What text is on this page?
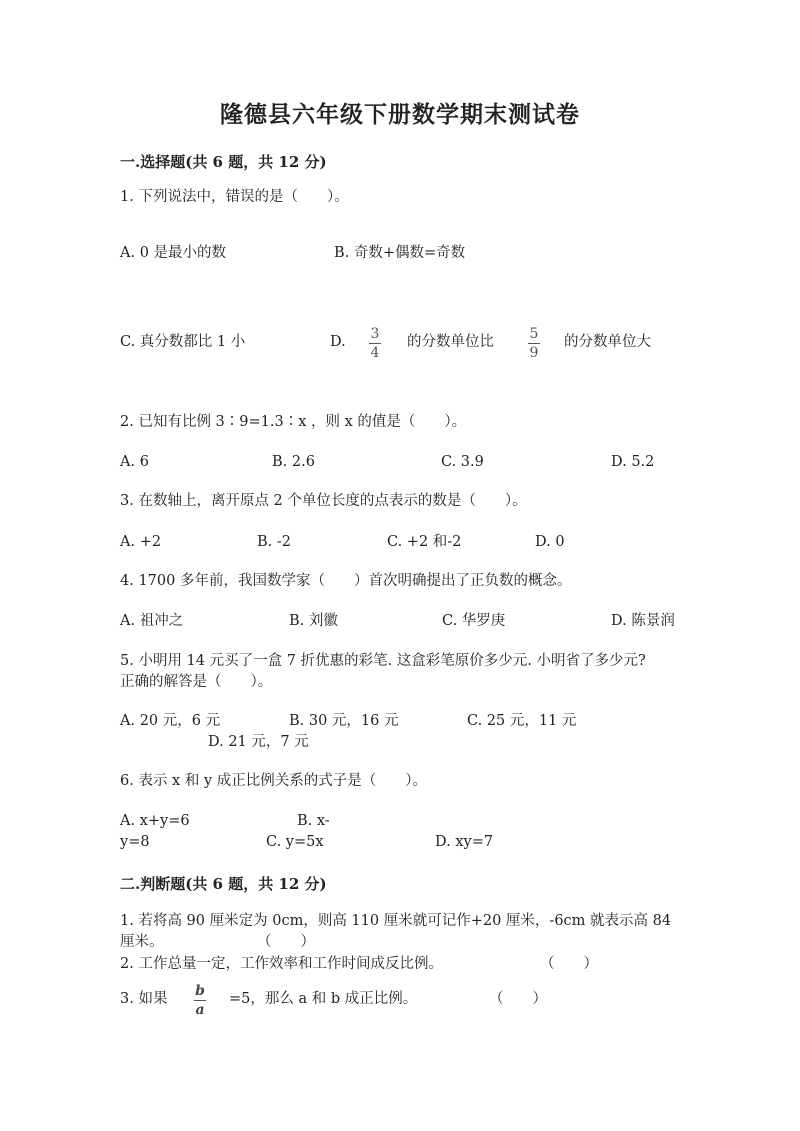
隆德县六年级下册数学期末测试卷
一.选择题(共 6 题，共 12 分)
1. 下列说法中，错误的是（　　）。
A. 0 是最小的数	B. 奇数+偶数=奇数
C. 真分数都比 1 小	D. 3
4
的分数单位比	5
9
的分数单位大
2. 已知有比例 3∶9=1.3∶x ，则 x 的值是（　　）。
A. 6	B. 2.6	C. 3.9	D. 5.2
3. 在数轴上，离开原点 2 个单位长度的点表示的数是（　　）。
A. +2	B. -2	C. +2 和-2	D. 0
4. 1700 多年前，我国数学家（　　）首次明确提出了正负数的概念。
A. 祖冲之	B. 刘徽	C. 华罗庚	D. 陈景润
5. 小明用 14 元买了一盒 7 折优惠的彩笔. 这盒彩笔原价多少元. 小明省了多少元?
正确的解答是（　　）。
A. 20 元，6 元	B. 30 元，16 元	C. 25 元，11 元
D. 21 元，7 元
6. 表示 x 和 y 成正比例关系的式子是（　　）。
A. x+y=6	B. x-
y=8	C. y=5x	D. xy=7
二.判断题(共 6 题，共 12 分)
1. 若将高 90 厘米定为 0cm，则高 110 厘米就可记作+20 厘米，-6cm 就表示高 84
厘米。	（　　）
2. 工作总量一定，工作效率和工作时间成反比例。	（　　）
3. 如果 b
a
=5，那么 a 和 b 成正比例。	（　　）
